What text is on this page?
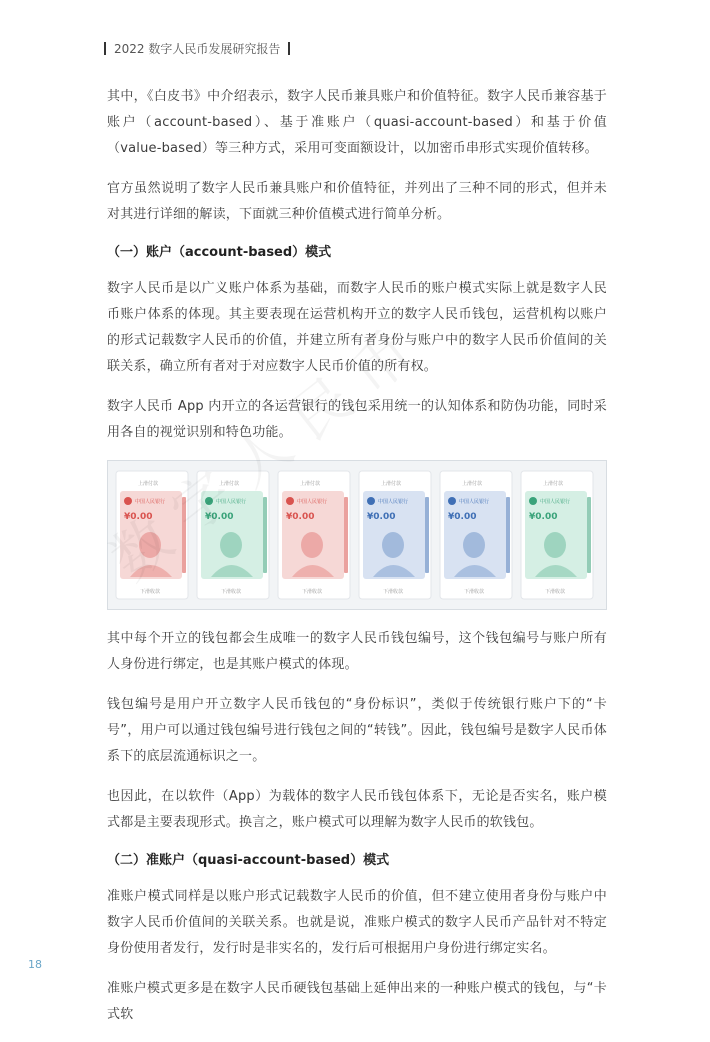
2022 数字人民币发展研究报告

其中，《白皮书》中介绍表示，数字人民币兼具账户和价值特征。数字人民币兼容基于账户（account-based）、基于准账户（quasi-account-based）和基于价值（value-based）等三种方式，采用可变面额设计，以加密币串形式实现价值转移。

官方虽然说明了数字人民币兼具账户和价值特征，并列出了三种不同的形式，但并未对其进行详细的解读，下面就三种价值模式进行简单分析。

（一）账户（account-based）模式

数字人民币是以广义账户体系为基础，而数字人民币的账户模式实际上就是数字人民币账户体系的体现。其主要表现在运营机构开立的数字人民币钱包，运营机构以账户的形式记载数字人民币的价值，并建立所有者身份与账户中的数字人民币价值间的关联关系，确立所有者对于对应数字人民币价值的所有权。

数字人民币 App 内开立的各运营银行的钱包采用统一的认知体系和防伪功能，同时采用各自的视觉识别和特色功能。

上滑付款
中国人民银行
¥0.00
下滑收款
上滑付款
中国人民银行
¥0.00
下滑收款
上滑付款
中国人民银行
¥0.00
下滑收款
上滑付款
中国人民银行
¥0.00
下滑收款
上滑付款
中国人民银行
¥0.00
下滑收款
上滑付款
中国人民银行
¥0.00
下滑收款

其中每个开立的钱包都会生成唯一的数字人民币钱包编号，这个钱包编号与账户所有人身份进行绑定，也是其账户模式的体现。

钱包编号是用户开立数字人民币钱包的“身份标识”，类似于传统银行账户下的“卡号”，用户可以通过钱包编号进行钱包之间的“转钱”。因此，钱包编号是数字人民币体系下的底层流通标识之一。

也因此，在以软件（App）为载体的数字人民币钱包体系下，无论是否实名，账户模式都是主要表现形式。换言之，账户模式可以理解为数字人民币的软钱包。

（二）准账户（quasi-account-based）模式

准账户模式同样是以账户形式记载数字人民币的价值，但不建立使用者身份与账户中数字人民币价值间的关联关系。也就是说，准账户模式的数字人民币产品针对不特定身份使用者发行，发行时是非实名的，发行后可根据用户身份进行绑定实名。

准账户模式更多是在数字人民币硬钱包基础上延伸出来的一种账户模式的钱包，与“卡式软

18
